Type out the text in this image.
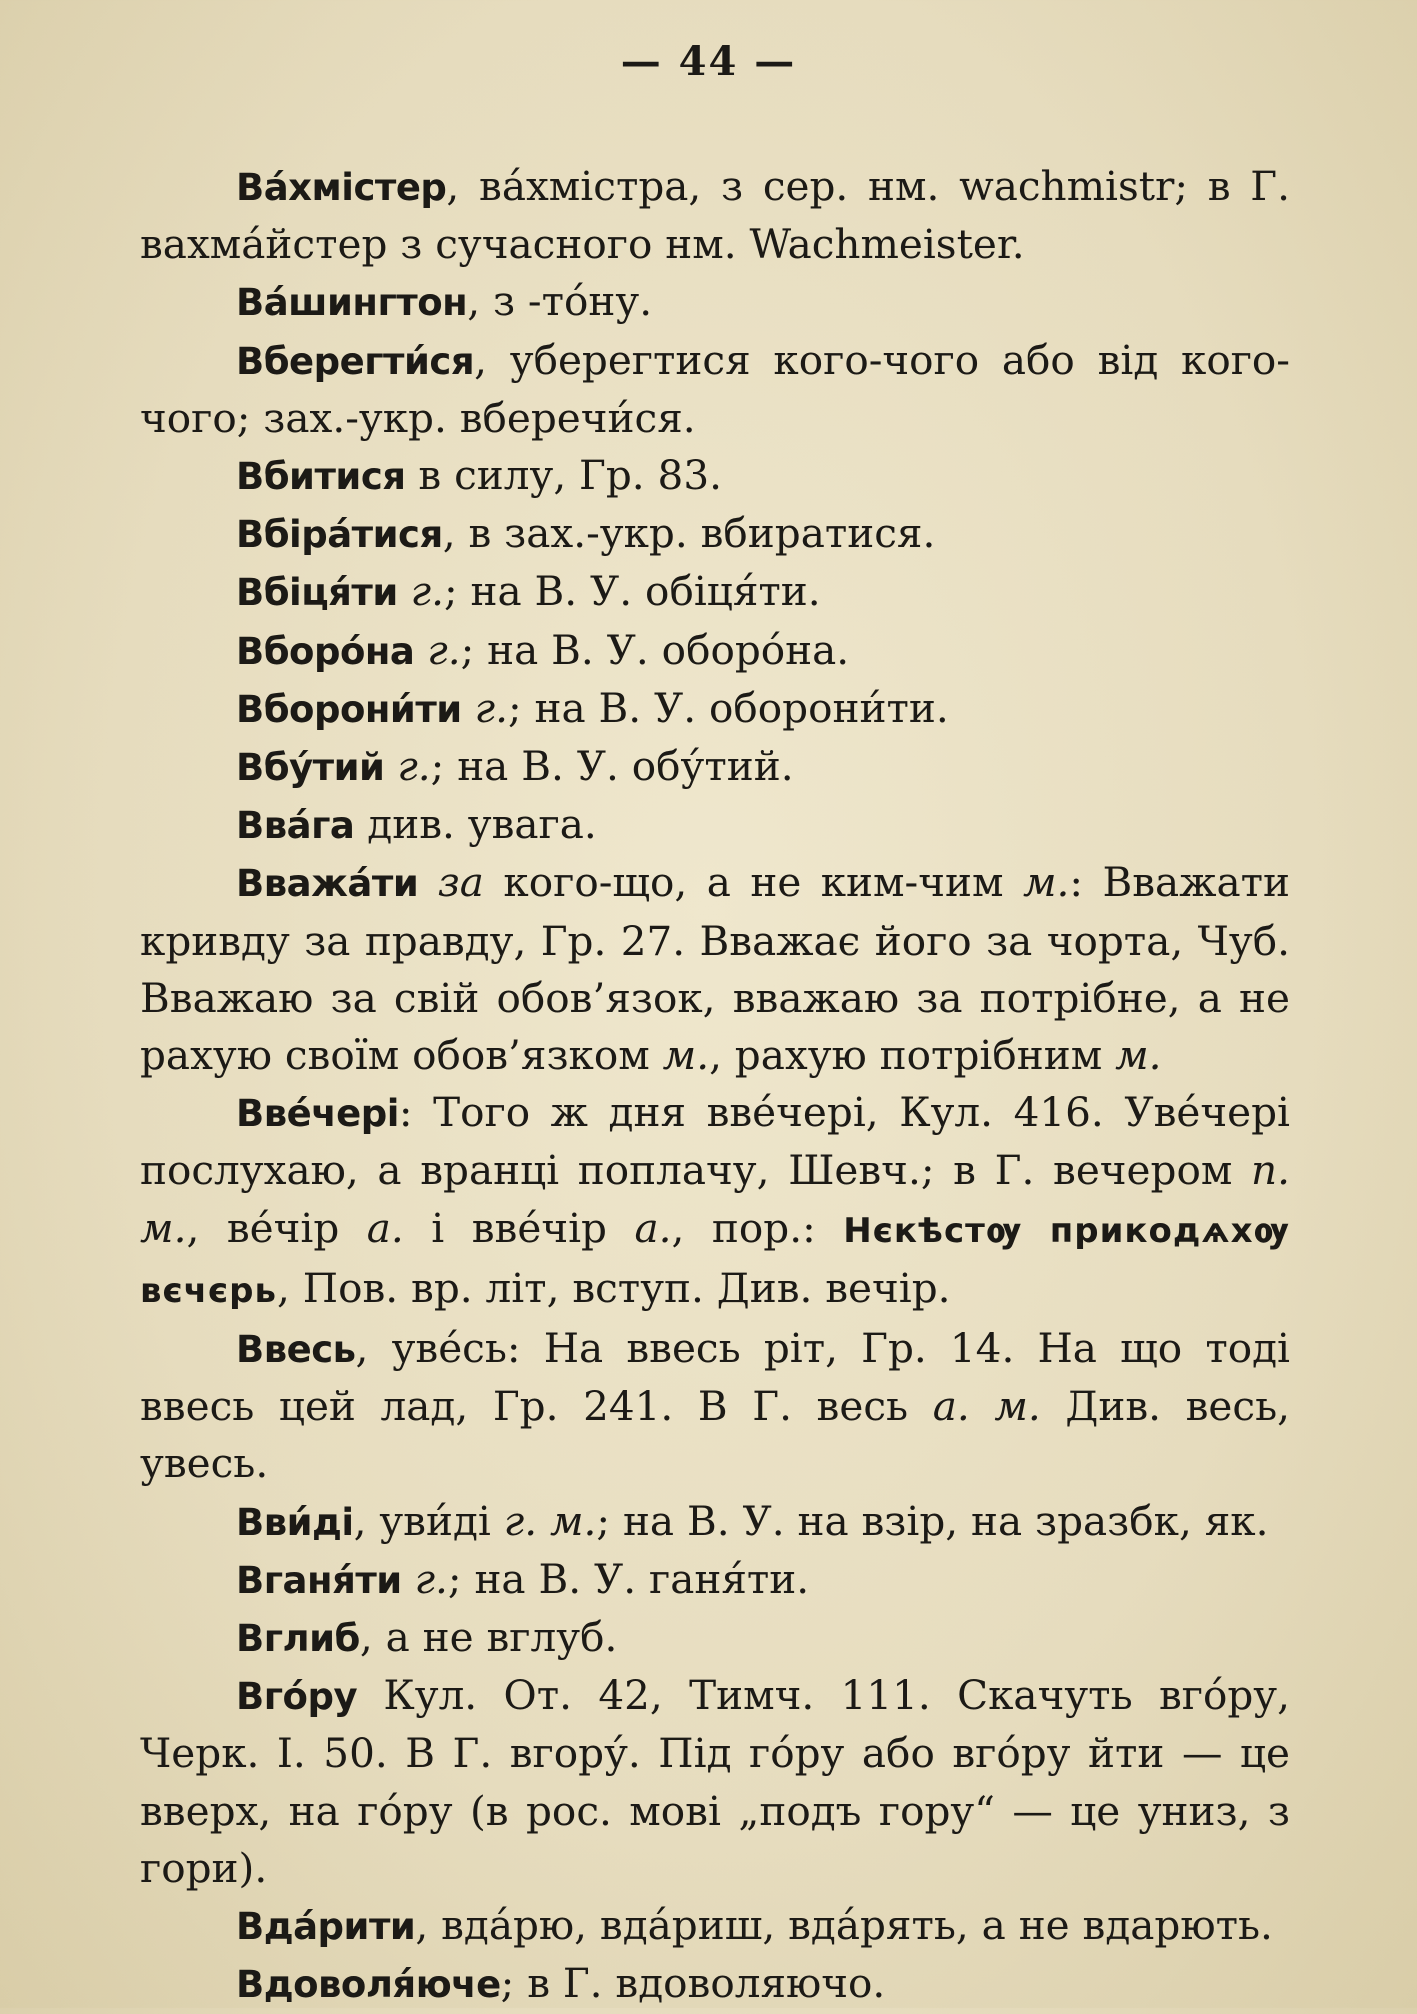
— 44 —

Ва́хмістер, ва́хмістра, з сер. нм. wachmistr; в Г. вахма́йстер з сучасного нм. Wachmeister.

Ва́шингтон, з -то́ну.

Вберегти́ся, уберегтися кого-чого або від кого-чого; зах.-укр. вберечи́ся.

Вбитися в силу, Гр. 83.

Вбіра́тися, в зах.-укр. вбиратися.

Вбіця́ти г.; на В. У. обіця́ти.

Вборо́на г.; на В. У. оборо́на.

Вборони́ти г.; на В. У. оборони́ти.

Вбу́тий г.; на В. У. обу́тий.

Вва́га див. увага.

Вважа́ти за кого-що, а не ким-чим м.: Вважати кривду за правду, Гр. 27. Вважає його за чорта, Чуб. Вважаю за свій обов’язок, вважаю за потрібне, а не рахую своїм обов’язком м., рахую потрібним м.

Вве́чері: Того ж дня вве́чері, Кул. 416. Уве́чері послухаю, а вранці поплачу, Шевч.; в Г. вечером п. м., ве́чір а. і вве́чір а., пор.: Нєкѣстѹ прикодѧхѹ вєчєрь, Пов. вр. літ, вступ. Див. вечір.

Ввесь, уве́сь: На ввесь ріт, Гр. 14. На що тоді ввесь цей лад, Гр. 241. В Г. весь а. м. Див. весь, увесь.

Вви́ді, уви́ді г. м.; на В. У. на взір, на зразбк, як.

Вганя́ти г.; на В. У. ганя́ти.

Вглиб, а не вглуб.

Вго́ру Кул. От. 42, Тимч. 111. Скачуть вго́ру, Черк. І. 50. В Г. вгору́. Під го́ру або вго́ру йти — це вверх, на го́ру (в рос. мові „подъ гору“ — це униз, з гори).

Вда́рити, вда́рю, вда́риш, вда́рять, а не вдарють.

Вдоволя́юче; в Г. вдоволяючо.
